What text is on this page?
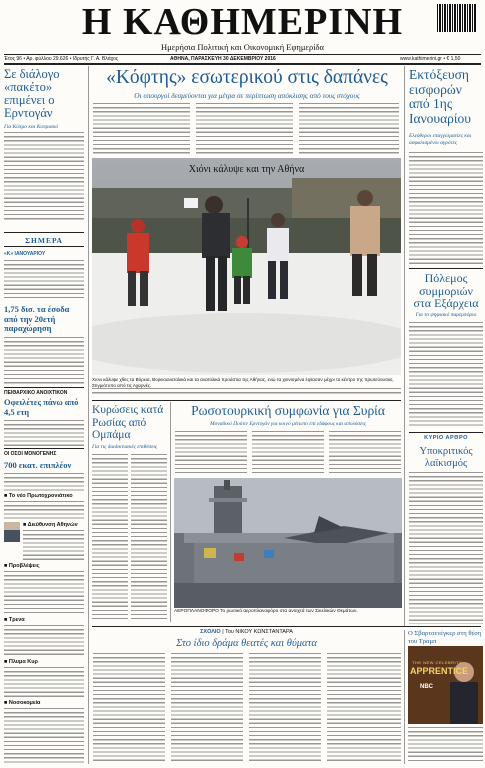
Η ΚΑΘΗΜΕΡΙΝΗ
Ημερήσια Πολιτική και Οικονομική Εφημερίδα
Έτος 96 • Αρ. φύλλου 29.626 • Ιδρυτής Γ. Α. Βλάχος	ΑΘΗΝΑ, ΠΑΡΑΣΚΕΥΗ 30 ΔΕΚΕΜΒΡΙΟΥ 2016	www.kathimerini.gr • € 1,50
Σε διάλογο «πακέτο» επιμένει ο Ερντογάν
Για Κύπρο και Κυπριακό
ΣΗΜΕΡΑ
«Κ» ΙΑΝΟΥΑΡΙΟΥ
1,75 δισ. τα έσοδα από την 20ετή παραχώρηση
ΠΕΙΘΑΡΧΙΚΟ ΑΝΟΙΧΤΙΚΟΝ
Οφειλέτες πάνω από 4,5 ετη
ΟΙ ΟΣΟΙ ΜΟΝΟΓΕΝΗΣ
700 εκατ. επιπλέον
■ Το νέο Πρωτοχρονιάτικο
■ Διεύθυνση Αθηνών
■ Προβλέψεις
■ Τρενα
■ Πλυμα Κυρ
■ Νοσοκομεία
«Κόφτης» εσωτερικού στις δαπάνες
Οι υπουργοί δεσμεύονται για μέτρα σε περίπτωση απόκλισης από τους στόχους
Χιόνι κάλυψε και την Αθήνα
Χιονι κάλυψε χθες τα Βόρεια, Βορειοανατολικά και τα ανατολικά προάστια της Αθήνας, ενώ τα χιονισμένα έφτασαν μέχρι το κέντρο της πρωτεύουσας. Στιγμιότυπο από τις Αχαρνές.
Εκτόξευση εισφορών από 1ης Ιανουαρίου
Ελεύθεροι επαγγελματίες και ασφαλισμένοι αγρότες
Πόλεμος συμμοριών στα Εξάρχεια
Για το ψηφιακό παρεμπόριο
ΚΥΡΙΟ ΑΡΘΡΟ
Υποκριτικός λαϊκισμός
Κυρώσεις κατά Ρωσίας από Ομπάμα
Για τις διαδικτυακές επιθέσεις
Ρωσοτουρκική συμφωνία για Συρία
Μοναδικό Πούτιν Ερντογάν για κοινό μέτωπο επί εδάφους και απολύσεις
ΑΕΡΟΠΛΑΝΟΦΟΡΟ Το ρωσικό αεροπλανοφόρο στα ανοιχτά των Σικελικών Θεμάτων.
ΣΧΟΛΙΟ | Του ΝΙΚΟΥ ΚΩΝΣΤΑΝΤΑΡΑ
Στο ίδιο δράμα θεατές και θύματα
Ο Σβαρτσενέγκερ στη θέση του Τραμπ
THE NEW CELEBRITY
APPRENTICE
NBC
